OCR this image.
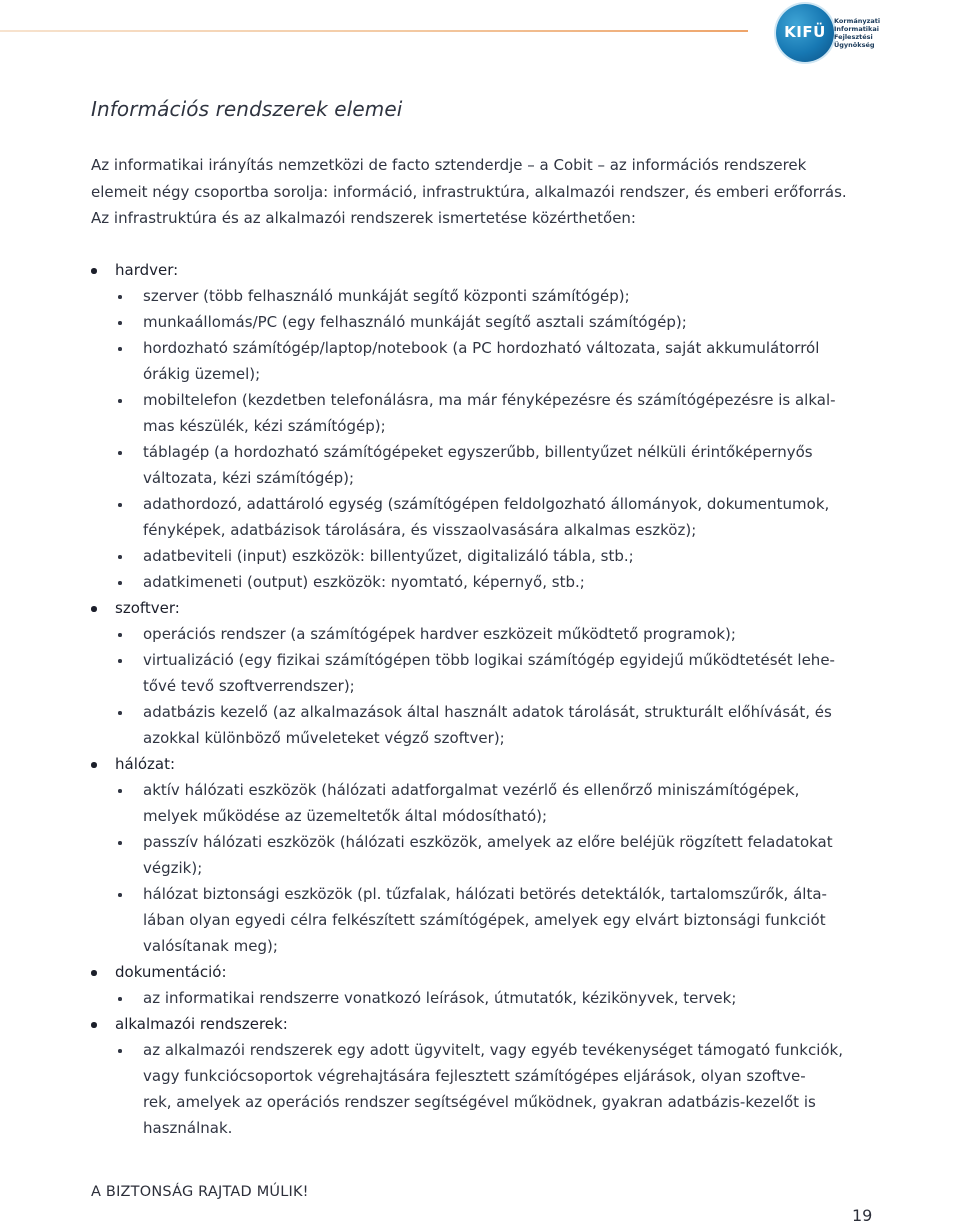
KIFÜ
Kormányzati
Informatikai
Fejlesztési
Ügynökség
Információs rendszerek elemei
Az informatikai irányítás nemzetközi de facto sztenderdje – a Cobit – az információs rendszerek
elemeit négy csoportba sorolja: információ, infrastruktúra, alkalmazói rendszer, és emberi erőforrás.
Az infrastruktúra és az alkalmazói rendszerek ismertetése közérthetően:
hardver:
szerver (több felhasználó munkáját segítő központi számítógép);
munkaállomás/PC (egy felhasználó munkáját segítő asztali számítógép);
hordozható számítógép/laptop/notebook (a PC hordozható változata, saját akkumulátorról
órákig üzemel);
mobiltelefon (kezdetben telefonálásra, ma már fényképezésre és számítógépezésre is alkal-
mas készülék, kézi számítógép);
táblagép (a hordozható számítógépeket egyszerűbb, billentyűzet nélküli érintőképernyős
változata, kézi számítógép);
adathordozó, adattároló egység (számítógépen feldolgozható állományok, dokumentumok,
fényképek, adatbázisok tárolására, és visszaolvasására alkalmas eszköz);
adatbeviteli (input) eszközök: billentyűzet, digitalizáló tábla, stb.;
adatkimeneti (output) eszközök: nyomtató, képernyő, stb.;
szoftver:
operációs rendszer (a számítógépek hardver eszközeit működtető programok);
virtualizáció (egy fizikai számítógépen több logikai számítógép egyidejű működtetését lehe-
tővé tevő szoftverrendszer);
adatbázis kezelő (az alkalmazások által használt adatok tárolását, strukturált előhívását, és
azokkal különböző műveleteket végző szoftver);
hálózat:
aktív hálózati eszközök (hálózati adatforgalmat vezérlő és ellenőrző miniszámítógépek,
melyek működése az üzemeltetők által módosítható);
passzív hálózati eszközök (hálózati eszközök, amelyek az előre beléjük rögzített feladatokat
végzik);
hálózat biztonsági eszközök (pl. tűzfalak, hálózati betörés detektálók, tartalomszűrők, álta-
lában olyan egyedi célra felkészített számítógépek, amelyek egy elvárt biztonsági funkciót
valósítanak meg);
dokumentáció:
az informatikai rendszerre vonatkozó leírások, útmutatók, kézikönyvek, tervek;
alkalmazói rendszerek:
az alkalmazói rendszerek egy adott ügyvitelt, vagy egyéb tevékenységet támogató funkciók,
vagy funkciócsoportok végrehajtására fejlesztett számítógépes eljárások, olyan szoftve-
rek, amelyek az operációs rendszer segítségével működnek, gyakran adatbázis-kezelőt is
használnak.
A BIZTONSÁG RAJTAD MÚLIK!
19
